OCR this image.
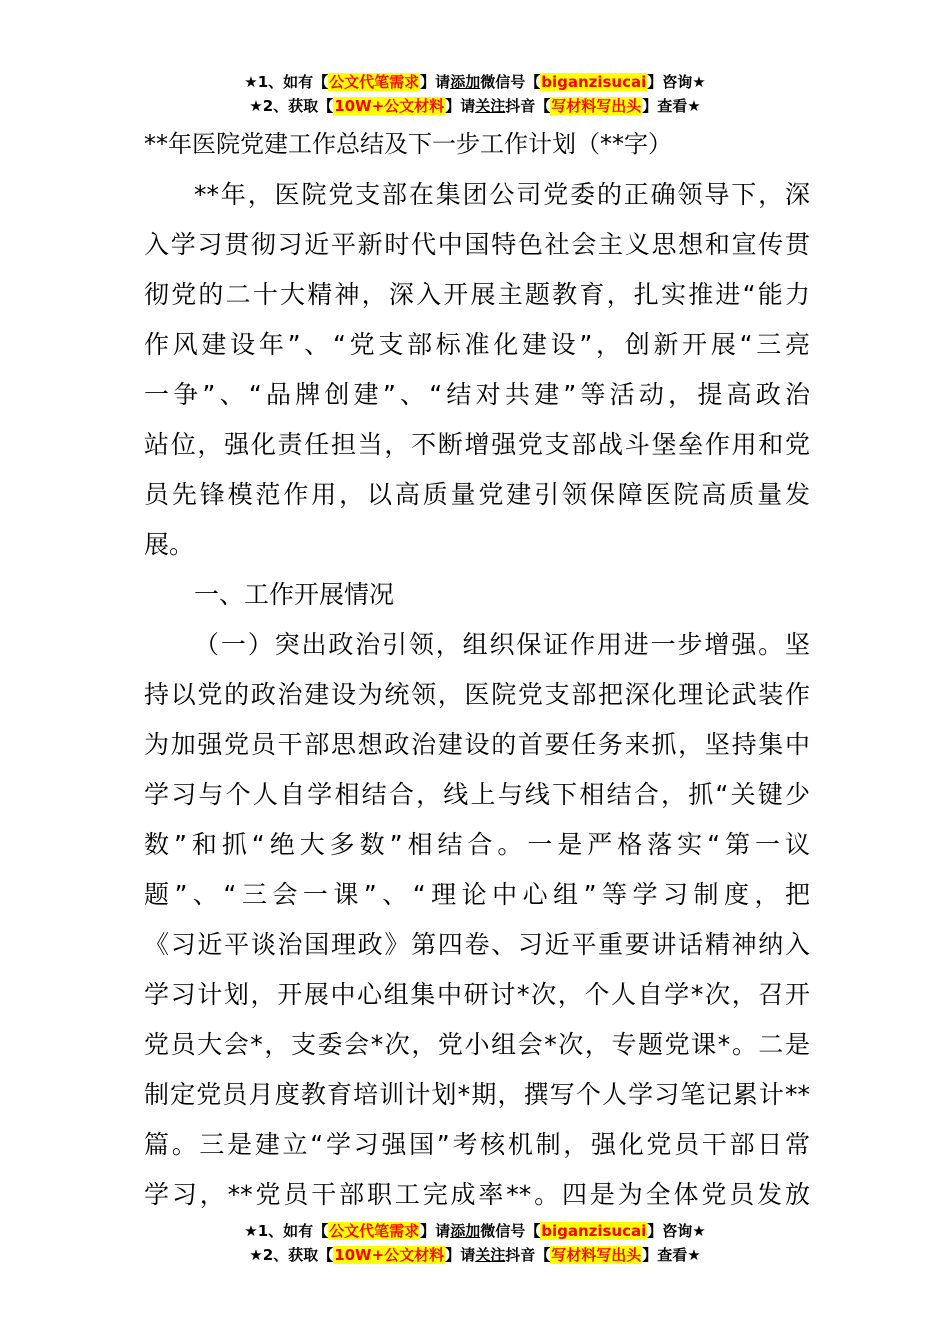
★1、如有【公文代笔需求】请添加微信号【biganzisucai】咨询★
★2、获取【10W+公文材料】请关注抖音【写材料写出头】查看★
**年医院党建工作总结及下一步工作计划（**字）
**年，医院党支部在集团公司党委的正确领导下，深
入学习贯彻习近平新时代中国特色社会主义思想和宣传贯
彻党的二十大精神，深入开展主题教育，扎实推进“能力
作风建设年”、“党支部标准化建设”，创新开展“三亮
一争”、“品牌创建”、“结对共建”等活动，提高政治
站位，强化责任担当，不断增强党支部战斗堡垒作用和党
员先锋模范作用，以高质量党建引领保障医院高质量发
展。
一、工作开展情况
（一）突出政治引领，组织保证作用进一步增强。坚
持以党的政治建设为统领，医院党支部把深化理论武装作
为加强党员干部思想政治建设的首要任务来抓，坚持集中
学习与个人自学相结合，线上与线下相结合，抓“关键少
数”和抓“绝大多数”相结合。一是严格落实“第一议
题”、“三会一课”、“理论中心组”等学习制度，把
《习近平谈治国理政》第四卷、习近平重要讲话精神纳入
学习计划，开展中心组集中研讨*次，个人自学*次，召开
党员大会*，支委会*次，党小组会*次，专题党课*。二是
制定党员月度教育培训计划*期，撰写个人学习笔记累计**
篇。三是建立“学习强国”考核机制，强化党员干部日常
学习，**党员干部职工完成率**。四是为全体党员发放
★1、如有【公文代笔需求】请添加微信号【biganzisucai】咨询★
★2、获取【10W+公文材料】请关注抖音【写材料写出头】查看★
